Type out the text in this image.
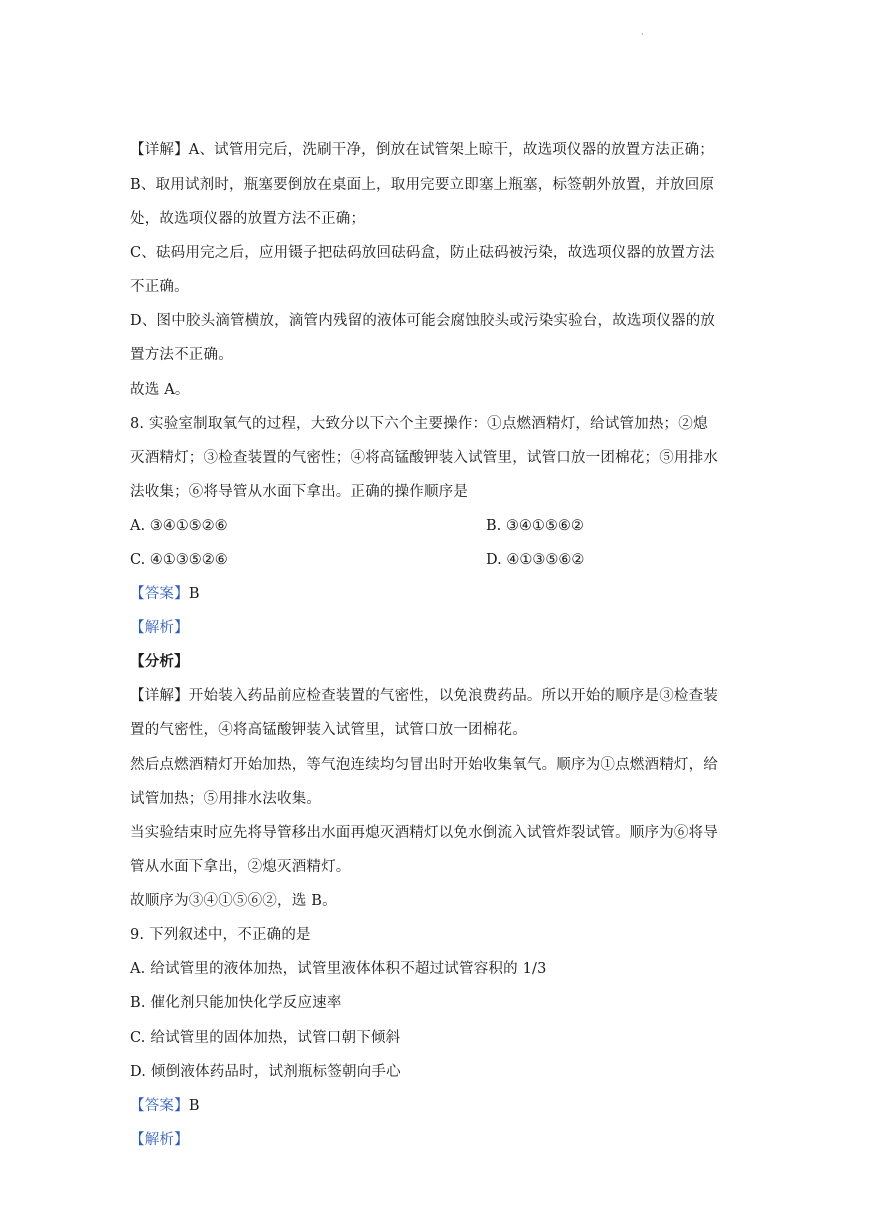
·
【详解】A、试管用完后，洗刷干净，倒放在试管架上晾干，故选项仪器的放置方法正确；
B、取用试剂时，瓶塞要倒放在桌面上，取用完要立即塞上瓶塞，标签朝外放置，并放回原
处，故选项仪器的放置方法不正确；
C、砝码用完之后，应用镊子把砝码放回砝码盒，防止砝码被污染，故选项仪器的放置方法
不正确。
D、图中胶头滴管横放，滴管内残留的液体可能会腐蚀胶头或污染实验台，故选项仪器的放
置方法不正确。
故选 A。
8. 实验室制取氧气的过程，大致分以下六个主要操作：①点燃酒精灯，给试管加热；②熄
灭酒精灯；③检查装置的气密性；④将高锰酸钾装入试管里，试管口放一团棉花；⑤用排水
法收集；⑥将导管从水面下拿出。正确的操作顺序是
A. ③④①⑤②⑥	B. ③④①⑤⑥②
C. ④①③⑤②⑥	D. ④①③⑤⑥②
【答案】B
【解析】
【分析】
【详解】开始装入药品前应检查装置的气密性，以免浪费药品。所以开始的顺序是③检查装
置的气密性，④将高锰酸钾装入试管里，试管口放一团棉花。
然后点燃酒精灯开始加热，等气泡连续均匀冒出时开始收集氧气。顺序为①点燃酒精灯，给
试管加热；⑤用排水法收集。
当实验结束时应先将导管移出水面再熄灭酒精灯以免水倒流入试管炸裂试管。顺序为⑥将导
管从水面下拿出，②熄灭酒精灯。
故顺序为③④①⑤⑥②，选 B。
9. 下列叙述中，不正确的是
A. 给试管里的液体加热，试管里液体体积不超过试管容积的 1/3
B. 催化剂只能加快化学反应速率
C. 给试管里的固体加热，试管口朝下倾斜
D. 倾倒液体药品时，试剂瓶标签朝向手心
【答案】B
【解析】
